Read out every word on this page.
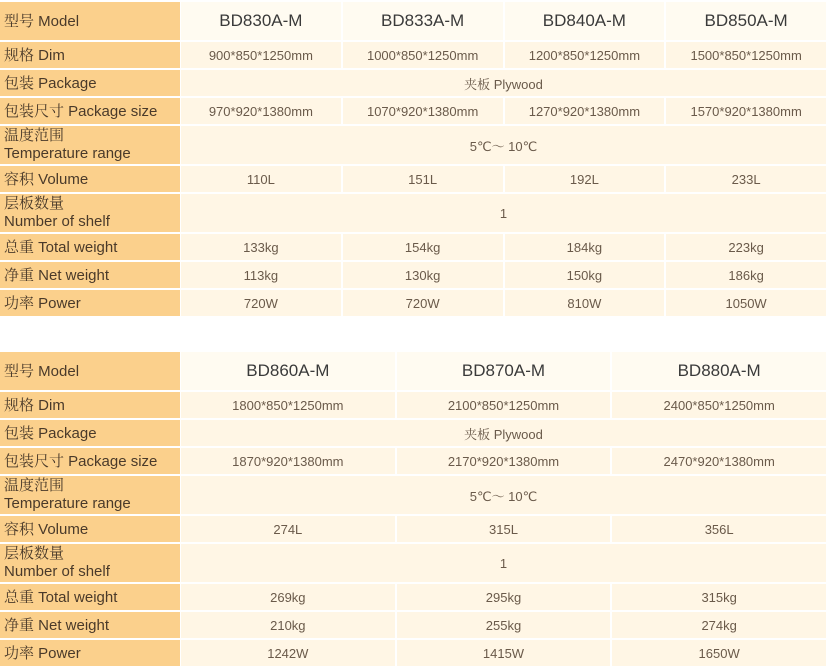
型号 Model	BD830A-M	BD833A-M	BD840A-M	BD850A-M
规格 Dim	900*850*1250mm	1000*850*1250mm	1200*850*1250mm	1500*850*1250mm
包装 Package	夹板 Plywood			
包装尺寸 Package size	970*920*1380mm	1070*920*1380mm	1270*920*1380mm	1570*920*1380mm
温度范围
Temperature range	5℃～ 10℃			
容积 Volume	110L	151L	192L	233L
层板数量
Number of shelf	1			
总重 Total weight	133kg	154kg	184kg	223kg
净重 Net weight	113kg	130kg	150kg	186kg
功率 Power	720W	720W	810W	1050W
型号 Model	BD860A-M	BD870A-M	BD880A-M
规格 Dim	1800*850*1250mm	2100*850*1250mm	2400*850*1250mm
包装 Package	夹板 Plywood		
包装尺寸 Package size	1870*920*1380mm	2170*920*1380mm	2470*920*1380mm
温度范围
Temperature range	5℃～ 10℃		
容积 Volume	274L	315L	356L
层板数量
Number of shelf	1		
总重 Total weight	269kg	295kg	315kg
净重 Net weight	210kg	255kg	274kg
功率 Power	1242W	1415W	1650W
